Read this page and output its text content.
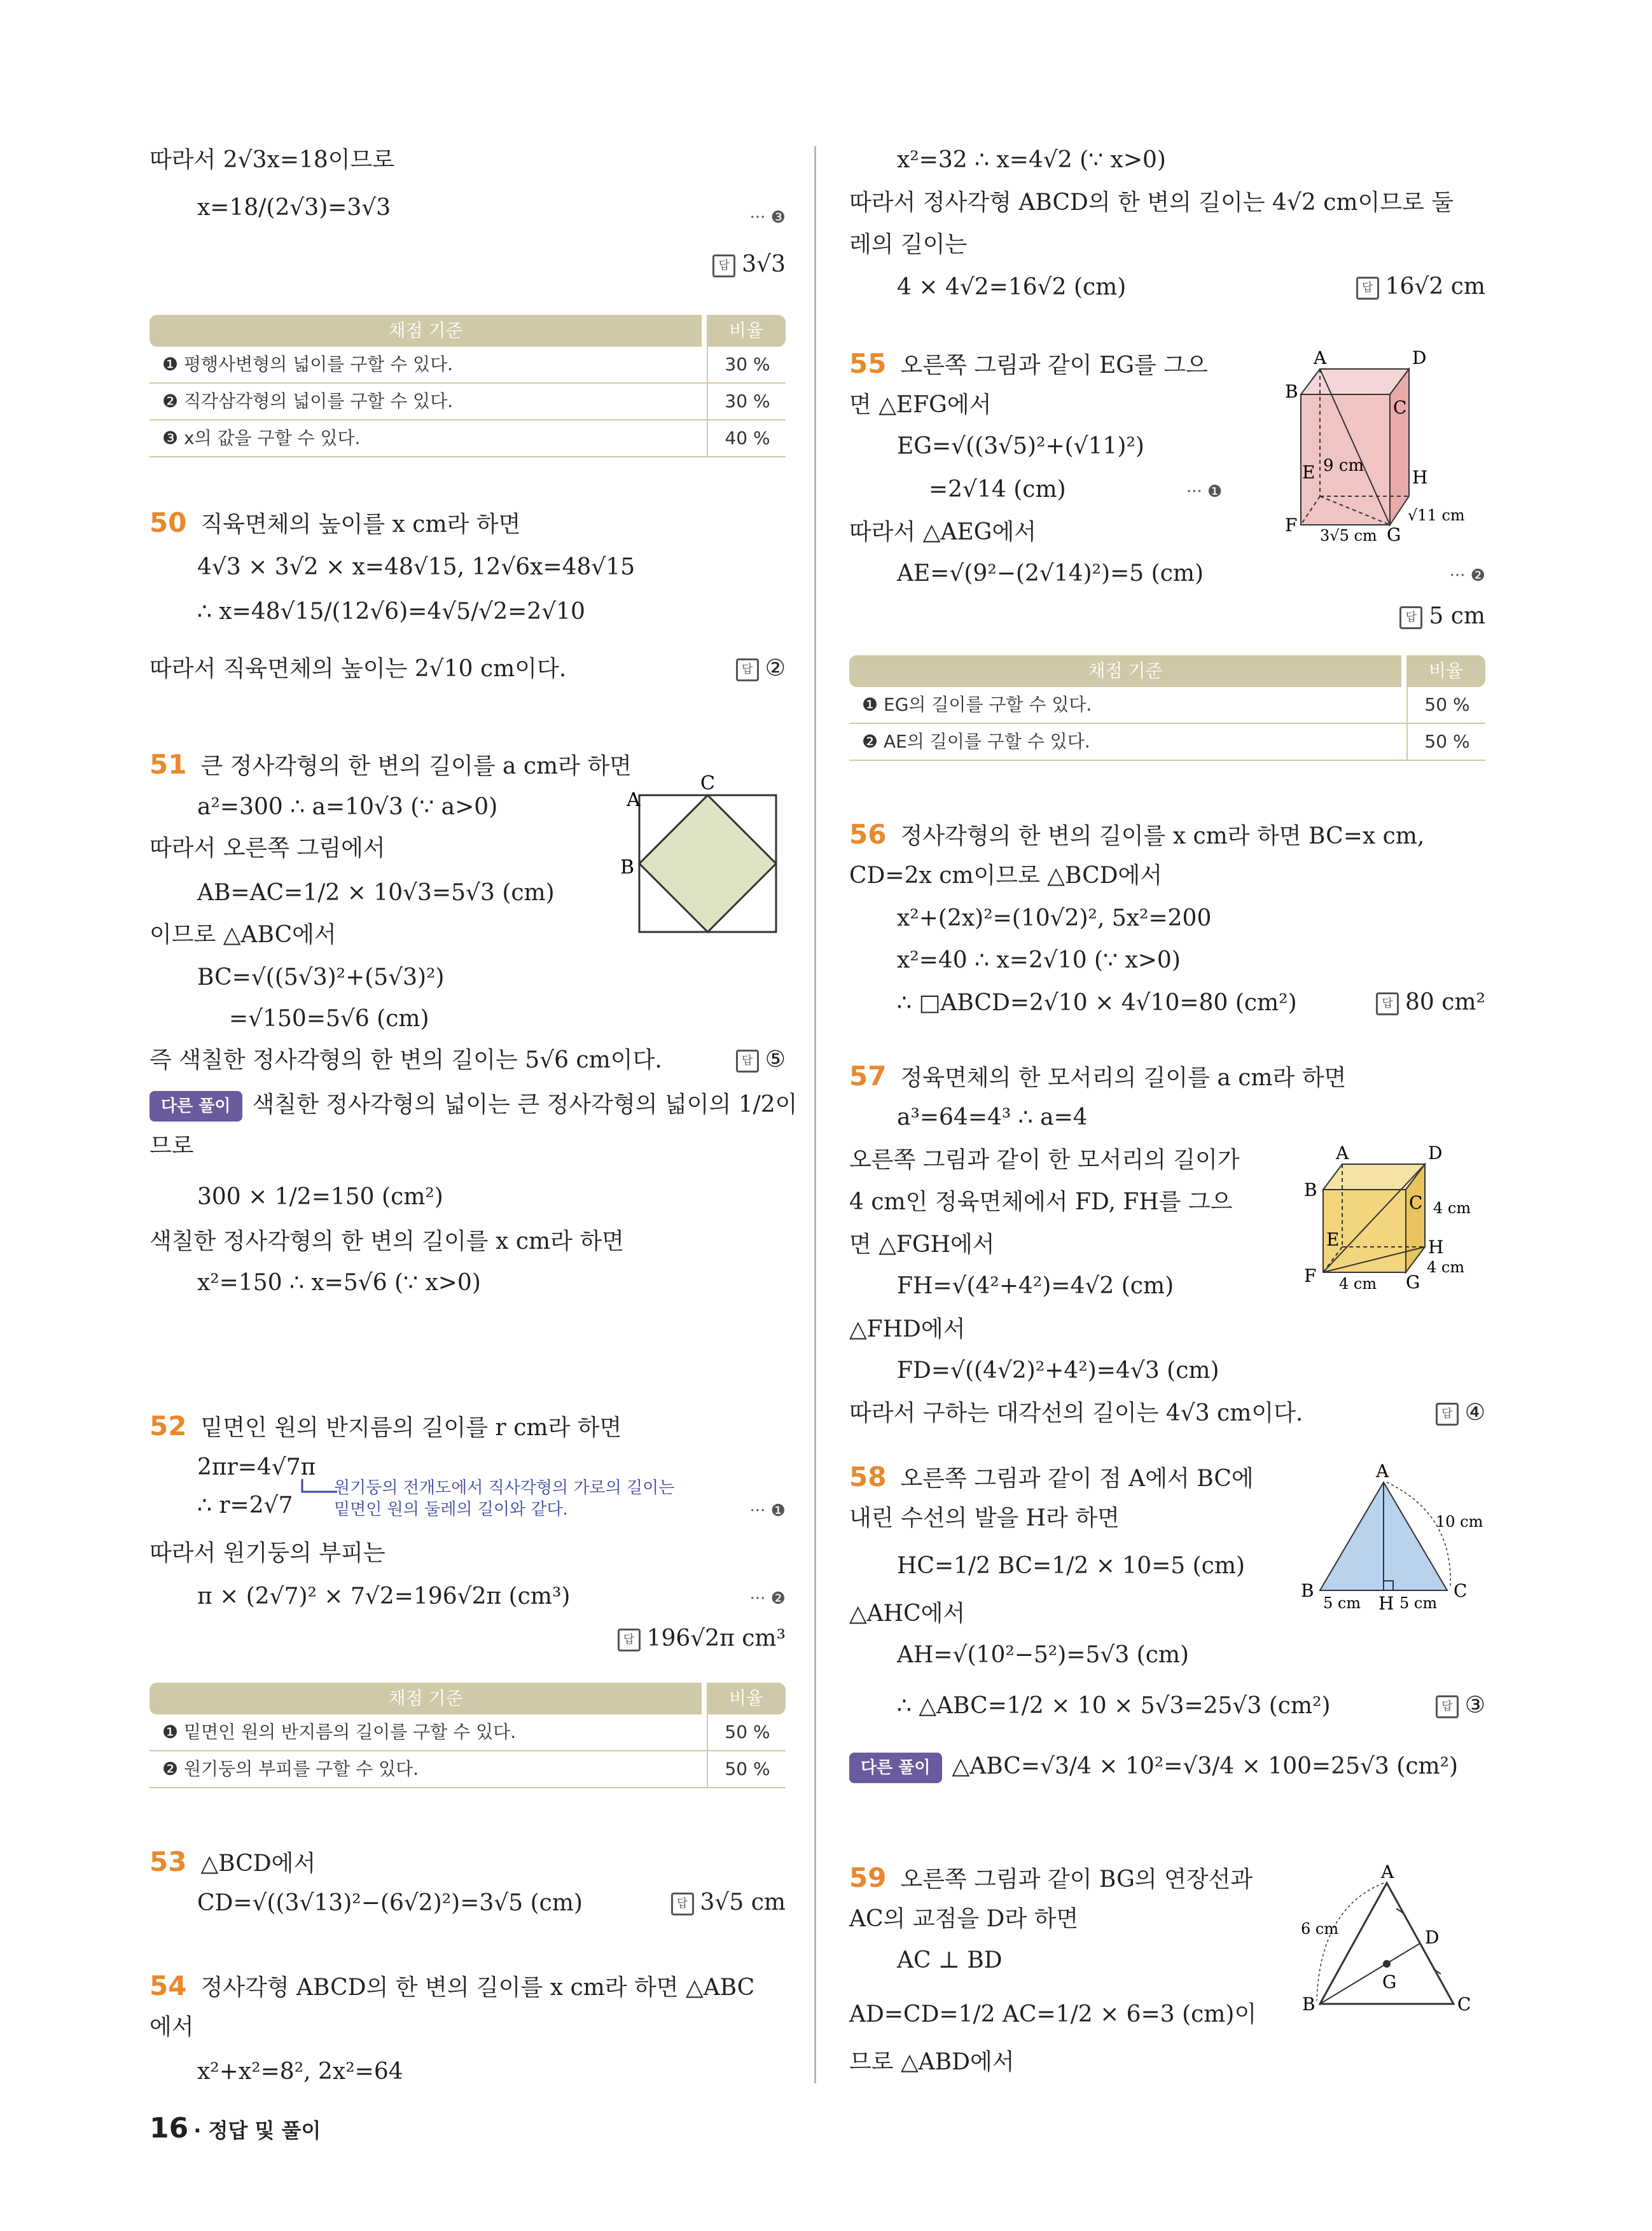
따라서 2√3x=18이므로
x=18/(2√3)=3√3	··· ❸
답 3√3
채점 기준	비율
❶ 평행사변형의 넓이를 구할 수 있다.	30 %
❷ 직각삼각형의 넓이를 구할 수 있다.	30 %
❸ x의 값을 구할 수 있다.	40 %
50 직육면체의 높이를 x cm라 하면
4√3 × 3√2 × x=48√15, 12√6x=48√15
∴ x=48√15/(12√6)=4√5/√2=2√10
따라서 직육면체의 높이는 2√10 cm이다.	답 ②
51 큰 정사각형의 한 변의 길이를 a cm라 하면
a²=300 ∴ a=10√3 (∵ a>0)
따라서 오른쪽 그림에서
AB=AC=1/2 × 10√3=5√3 (cm)
이므로 △ABC에서
BC=√((5√3)²+(5√3)²)
=√150=5√6 (cm)
즉 색칠한 정사각형의 한 변의 길이는 5√6 cm이다.	답 ⑤
다른 풀이 색칠한 정사각형의 넓이는 큰 정사각형의 넓이의 1/2이
므로
300 × 1/2=150 (cm²)
색칠한 정사각형의 한 변의 길이를 x cm라 하면
x²=150 ∴ x=5√6 (∵ x>0)
A
B
C
52 밑면인 원의 반지름의 길이를 r cm라 하면
2πr=4√7π
∴ r=2√7
원기둥의 전개도에서 직사각형의 가로의 길이는
밑면인 원의 둘레의 길이와 같다.	··· ❶
따라서 원기둥의 부피는
π × (2√7)² × 7√2=196√2π (cm³)	··· ❷
답 196√2π cm³
채점 기준	비율
❶ 밑면인 원의 반지름의 길이를 구할 수 있다.	50 %
❷ 원기둥의 부피를 구할 수 있다.	50 %
53 △BCD에서
CD=√((3√13)²−(6√2)²)=3√5 (cm)	답 3√5 cm
54 정사각형 ABCD의 한 변의 길이를 x cm라 하면 △ABC
에서
x²+x²=8², 2x²=64
x²=32 ∴ x=4√2 (∵ x>0)
따라서 정사각형 ABCD의 한 변의 길이는 4√2 cm이므로 둘
레의 길이는
4 × 4√2=16√2 (cm)	답 16√2 cm
55 오른쪽 그림과 같이 EG를 그으
면 △EFG에서
EG=√((3√5)²+(√11)²)
=2√14 (cm)	··· ❶
따라서 △AEG에서
AE=√(9²−(2√14)²)=5 (cm)	··· ❷
답 5 cm
A	D
B
C
E	H
F	G
9 cm
3√5 cm
√11 cm
채점 기준	비율
❶ EG의 길이를 구할 수 있다.	50 %
❷ AE의 길이를 구할 수 있다.	50 %
56 정사각형의 한 변의 길이를 x cm라 하면 BC=x cm,
CD=2x cm이므로 △BCD에서
x²+(2x)²=(10√2)², 5x²=200
x²=40 ∴ x=2√10 (∵ x>0)
∴ □ABCD=2√10 × 4√10=80 (cm²)	답 80 cm²
57 정육면체의 한 모서리의 길이를 a cm라 하면
a³=64=4³ ∴ a=4
오른쪽 그림과 같이 한 모서리의 길이가
4 cm인 정육면체에서 FD, FH를 그으
면 △FGH에서
FH=√(4²+4²)=4√2 (cm)
△FHD에서
FD=√((4√2)²+4²)=4√3 (cm)
따라서 구하는 대각선의 길이는 4√3 cm이다.	답 ④
A	D
B
C
E	H
F	G
4 cm
4 cm
4 cm
58 오른쪽 그림과 같이 점 A에서 BC에
내린 수선의 발을 H라 하면
HC=1/2 BC=1/2 × 10=5 (cm)
△AHC에서
AH=√(10²−5²)=5√3 (cm)
∴ △ABC=1/2 × 10 × 5√3=25√3 (cm²)	답 ③
다른 풀이 △ABC=√3/4 × 10²=√3/4 × 100=25√3 (cm²)
A
B	C
H
10 cm
5 cm	5 cm
59 오른쪽 그림과 같이 BG의 연장선과
AC의 교점을 D라 하면
AC ⊥ BD
AD=CD=1/2 AC=1/2 × 6=3 (cm)이
므로 △ABD에서
A
B	C
D
G
6 cm
16 · 정답 및 풀이
